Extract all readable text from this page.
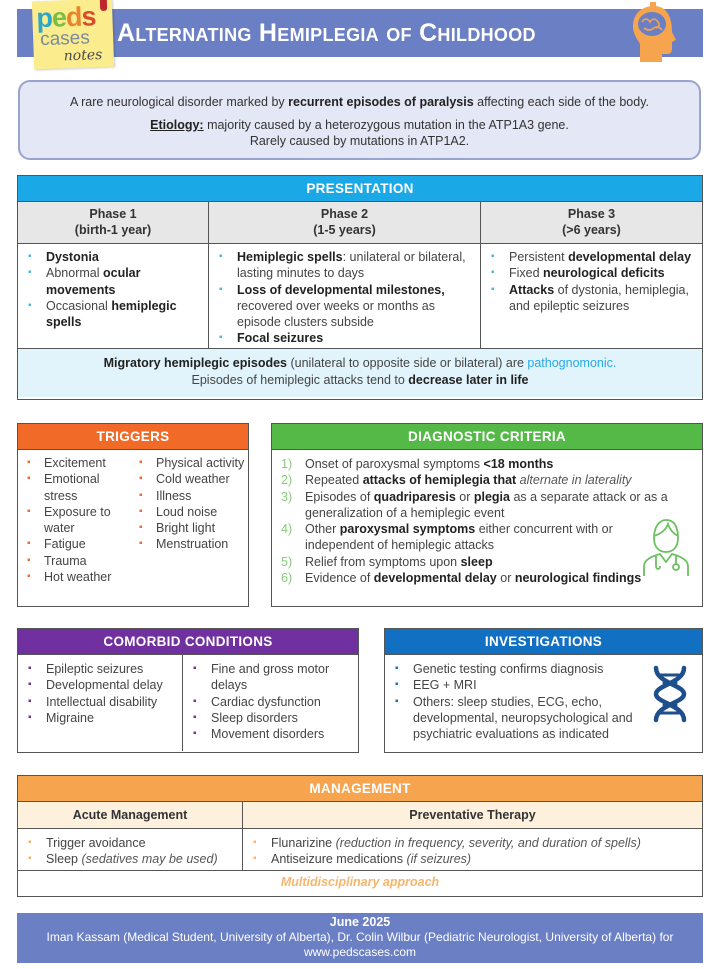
Alternating Hemiplegia of Childhood
peds
cases
notes
A rare neurological disorder marked by recurrent episodes of paralysis affecting each side of the body.
Etiology: majority caused by a heterozygous mutation in the ATP1A3 gene.
Rarely caused by mutations in ATP1A2.
PRESENTATION
Phase 1
(birth-1 year)
Phase 2
(1-5 years)
Phase 3
(>6 years)
▪ Dystonia
▪ Abnormal ocular movements
▪ Occasional hemiplegic spells
▪ Hemiplegic spells: unilateral or bilateral, lasting minutes to days
▪ Loss of developmental milestones, recovered over weeks or months as episode clusters subside
▪ Focal seizures
▪ Persistent developmental delay
▪ Fixed neurological deficits
▪ Attacks of dystonia, hemiplegia, and epileptic seizures
Migratory hemiplegic episodes (unilateral to opposite side or bilateral) are pathognomonic.
Episodes of hemiplegic attacks tend to decrease later in life
TRIGGERS
▪ Excitement
▪ Emotional stress
▪ Exposure to water
▪ Fatigue
▪ Trauma
▪ Hot weather
▪ Physical activity
▪ Cold weather
▪ Illness
▪ Loud noise
▪ Bright light
▪ Menstruation
DIAGNOSTIC CRITERIA
1) Onset of paroxysmal symptoms <18 months
2) Repeated attacks of hemiplegia that alternate in laterality
3) Episodes of quadriparesis or plegia as a separate attack or as a generalization of a hemiplegic event
4) Other paroxysmal symptoms either concurrent with or independent of hemiplegic attacks
5) Relief from symptoms upon sleep
6) Evidence of developmental delay or neurological findings
COMORBID CONDITIONS
▪ Epileptic seizures
▪ Developmental delay
▪ Intellectual disability
▪ Migraine
▪ Fine and gross motor delays
▪ Cardiac dysfunction
▪ Sleep disorders
▪ Movement disorders
INVESTIGATIONS
▪ Genetic testing confirms diagnosis
▪ EEG + MRI
▪ Others: sleep studies, ECG, echo, developmental, neuropsychological and psychiatric evaluations as indicated
MANAGEMENT
Acute Management	Preventative Therapy
▪ Trigger avoidance
▪ Sleep (sedatives may be used)
▪ Flunarizine (reduction in frequency, severity, and duration of spells)
▪ Antiseizure medications (if seizures)
Multidisciplinary approach
June 2025
Iman Kassam (Medical Student, University of Alberta), Dr. Colin Wilbur (Pediatric Neurologist, University of Alberta) for www.pedscases.com
